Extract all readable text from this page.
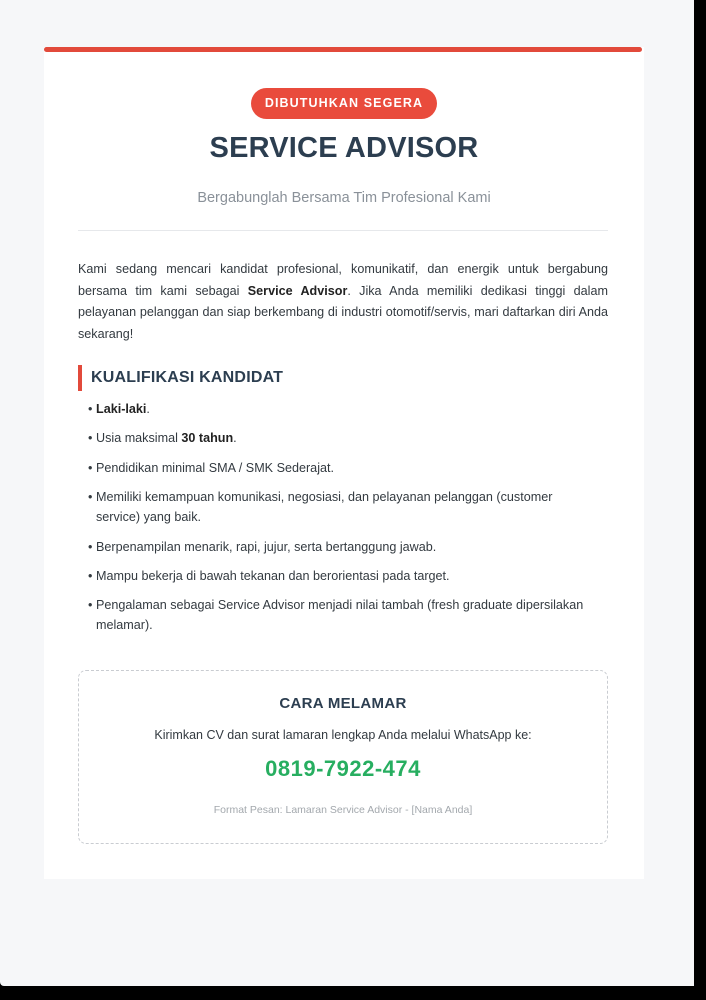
DIBUTUHKAN SEGERA
SERVICE ADVISOR
Bergabunglah Bersama Tim Profesional Kami

Kami sedang mencari kandidat profesional, komunikatif, dan energik untuk bergabung bersama tim kami sebagai Service Advisor. Jika Anda memiliki dedikasi tinggi dalam pelayanan pelanggan dan siap berkembang di industri otomotif/servis, mari daftarkan diri Anda sekarang!

KUALIFIKASI KANDIDAT
• Laki-laki.
• Usia maksimal 30 tahun.
• Pendidikan minimal SMA / SMK Sederajat.
• Memiliki kemampuan komunikasi, negosiasi, dan pelayanan pelanggan (customer service) yang baik.
• Berpenampilan menarik, rapi, jujur, serta bertanggung jawab.
• Mampu bekerja di bawah tekanan dan berorientasi pada target.
• Pengalaman sebagai Service Advisor menjadi nilai tambah (fresh graduate dipersilakan melamar).
CARA MELAMAR
Kirimkan CV dan surat lamaran lengkap Anda melalui WhatsApp ke:
0819-7922-474
Format Pesan: Lamaran Service Advisor - [Nama Anda]
